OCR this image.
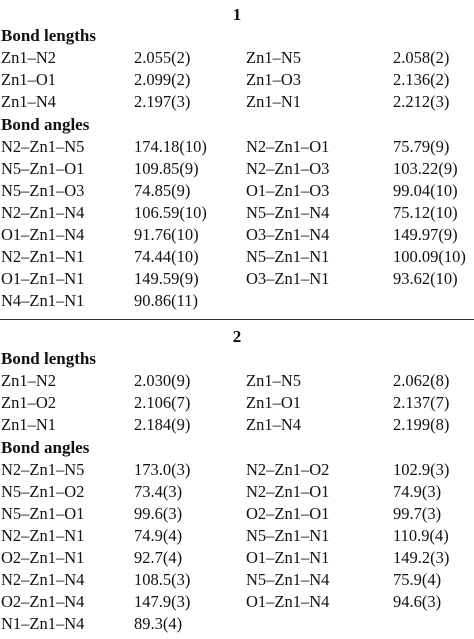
1
Bond lengths
Zn1–N2	2.055(2)	Zn1–N5	2.058(2)
Zn1–O1	2.099(2)	Zn1–O3	2.136(2)
Zn1–N4	2.197(3)	Zn1–N1	2.212(3)
Bond angles
N2–Zn1–N5	174.18(10) N2–Zn1–O1	75.79(9)
N5–Zn1–O1	109.85(9)	N2–Zn1–O3	103.22(9)
N5–Zn1–O3	74.85(9)	O1–Zn1–O3	99.04(10)
N2–Zn1–N4	106.59(10) N5–Zn1–N4	75.12(10)
O1–Zn1–N4	91.76(10)	O3–Zn1–N4	149.97(9)
N2–Zn1–N1	74.44(10)	N5–Zn1–N1	100.09(10)
O1–Zn1–N1	149.59(9)	O3–Zn1–N1	93.62(10)
N4–Zn1–N1	90.86(11)
2
Bond lengths
Zn1–N2	2.030(9)	Zn1–N5	2.062(8)
Zn1–O2	2.106(7)	Zn1–O1	2.137(7)
Zn1–N1	2.184(9)	Zn1–N4	2.199(8)
Bond angles
N2–Zn1–N5	173.0(3)	N2–Zn1–O2	102.9(3)
N5–Zn1–O2	73.4(3)	N2–Zn1–O1	74.9(3)
N5–Zn1–O1	99.6(3)	O2–Zn1–O1	99.7(3)
N2–Zn1–N1	74.9(4)	N5–Zn1–N1	110.9(4)
O2–Zn1–N1	92.7(4)	O1–Zn1–N1	149.2(3)
N2–Zn1–N4	108.5(3)	N5–Zn1–N4	75.9(4)
O2–Zn1–N4	147.9(3)	O1–Zn1–N4	94.6(3)
N1–Zn1–N4	89.3(4)
